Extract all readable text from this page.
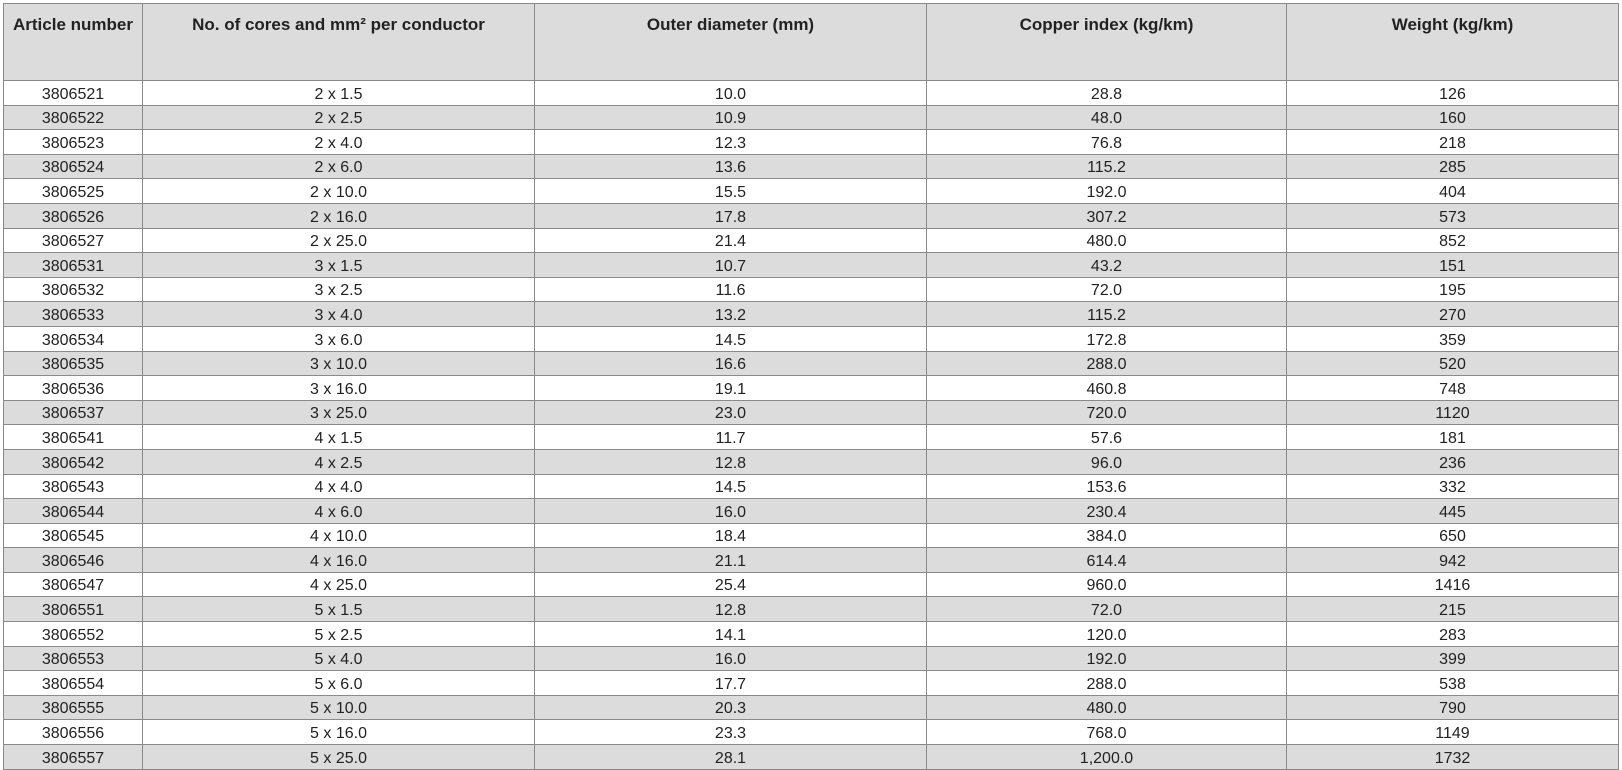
Article number	No. of cores and mm² per conductor	Outer diameter (mm)	Copper index (kg/km)	Weight (kg/km)
3806521	2 x 1.5	10.0	28.8	126
3806522	2 x 2.5	10.9	48.0	160
3806523	2 x 4.0	12.3	76.8	218
3806524	2 x 6.0	13.6	115.2	285
3806525	2 x 10.0	15.5	192.0	404
3806526	2 x 16.0	17.8	307.2	573
3806527	2 x 25.0	21.4	480.0	852
3806531	3 x 1.5	10.7	43.2	151
3806532	3 x 2.5	11.6	72.0	195
3806533	3 x 4.0	13.2	115.2	270
3806534	3 x 6.0	14.5	172.8	359
3806535	3 x 10.0	16.6	288.0	520
3806536	3 x 16.0	19.1	460.8	748
3806537	3 x 25.0	23.0	720.0	1120
3806541	4 x 1.5	11.7	57.6	181
3806542	4 x 2.5	12.8	96.0	236
3806543	4 x 4.0	14.5	153.6	332
3806544	4 x 6.0	16.0	230.4	445
3806545	4 x 10.0	18.4	384.0	650
3806546	4 x 16.0	21.1	614.4	942
3806547	4 x 25.0	25.4	960.0	1416
3806551	5 x 1.5	12.8	72.0	215
3806552	5 x 2.5	14.1	120.0	283
3806553	5 x 4.0	16.0	192.0	399
3806554	5 x 6.0	17.7	288.0	538
3806555	5 x 10.0	20.3	480.0	790
3806556	5 x 16.0	23.3	768.0	1149
3806557	5 x 25.0	28.1	1,200.0	1732
